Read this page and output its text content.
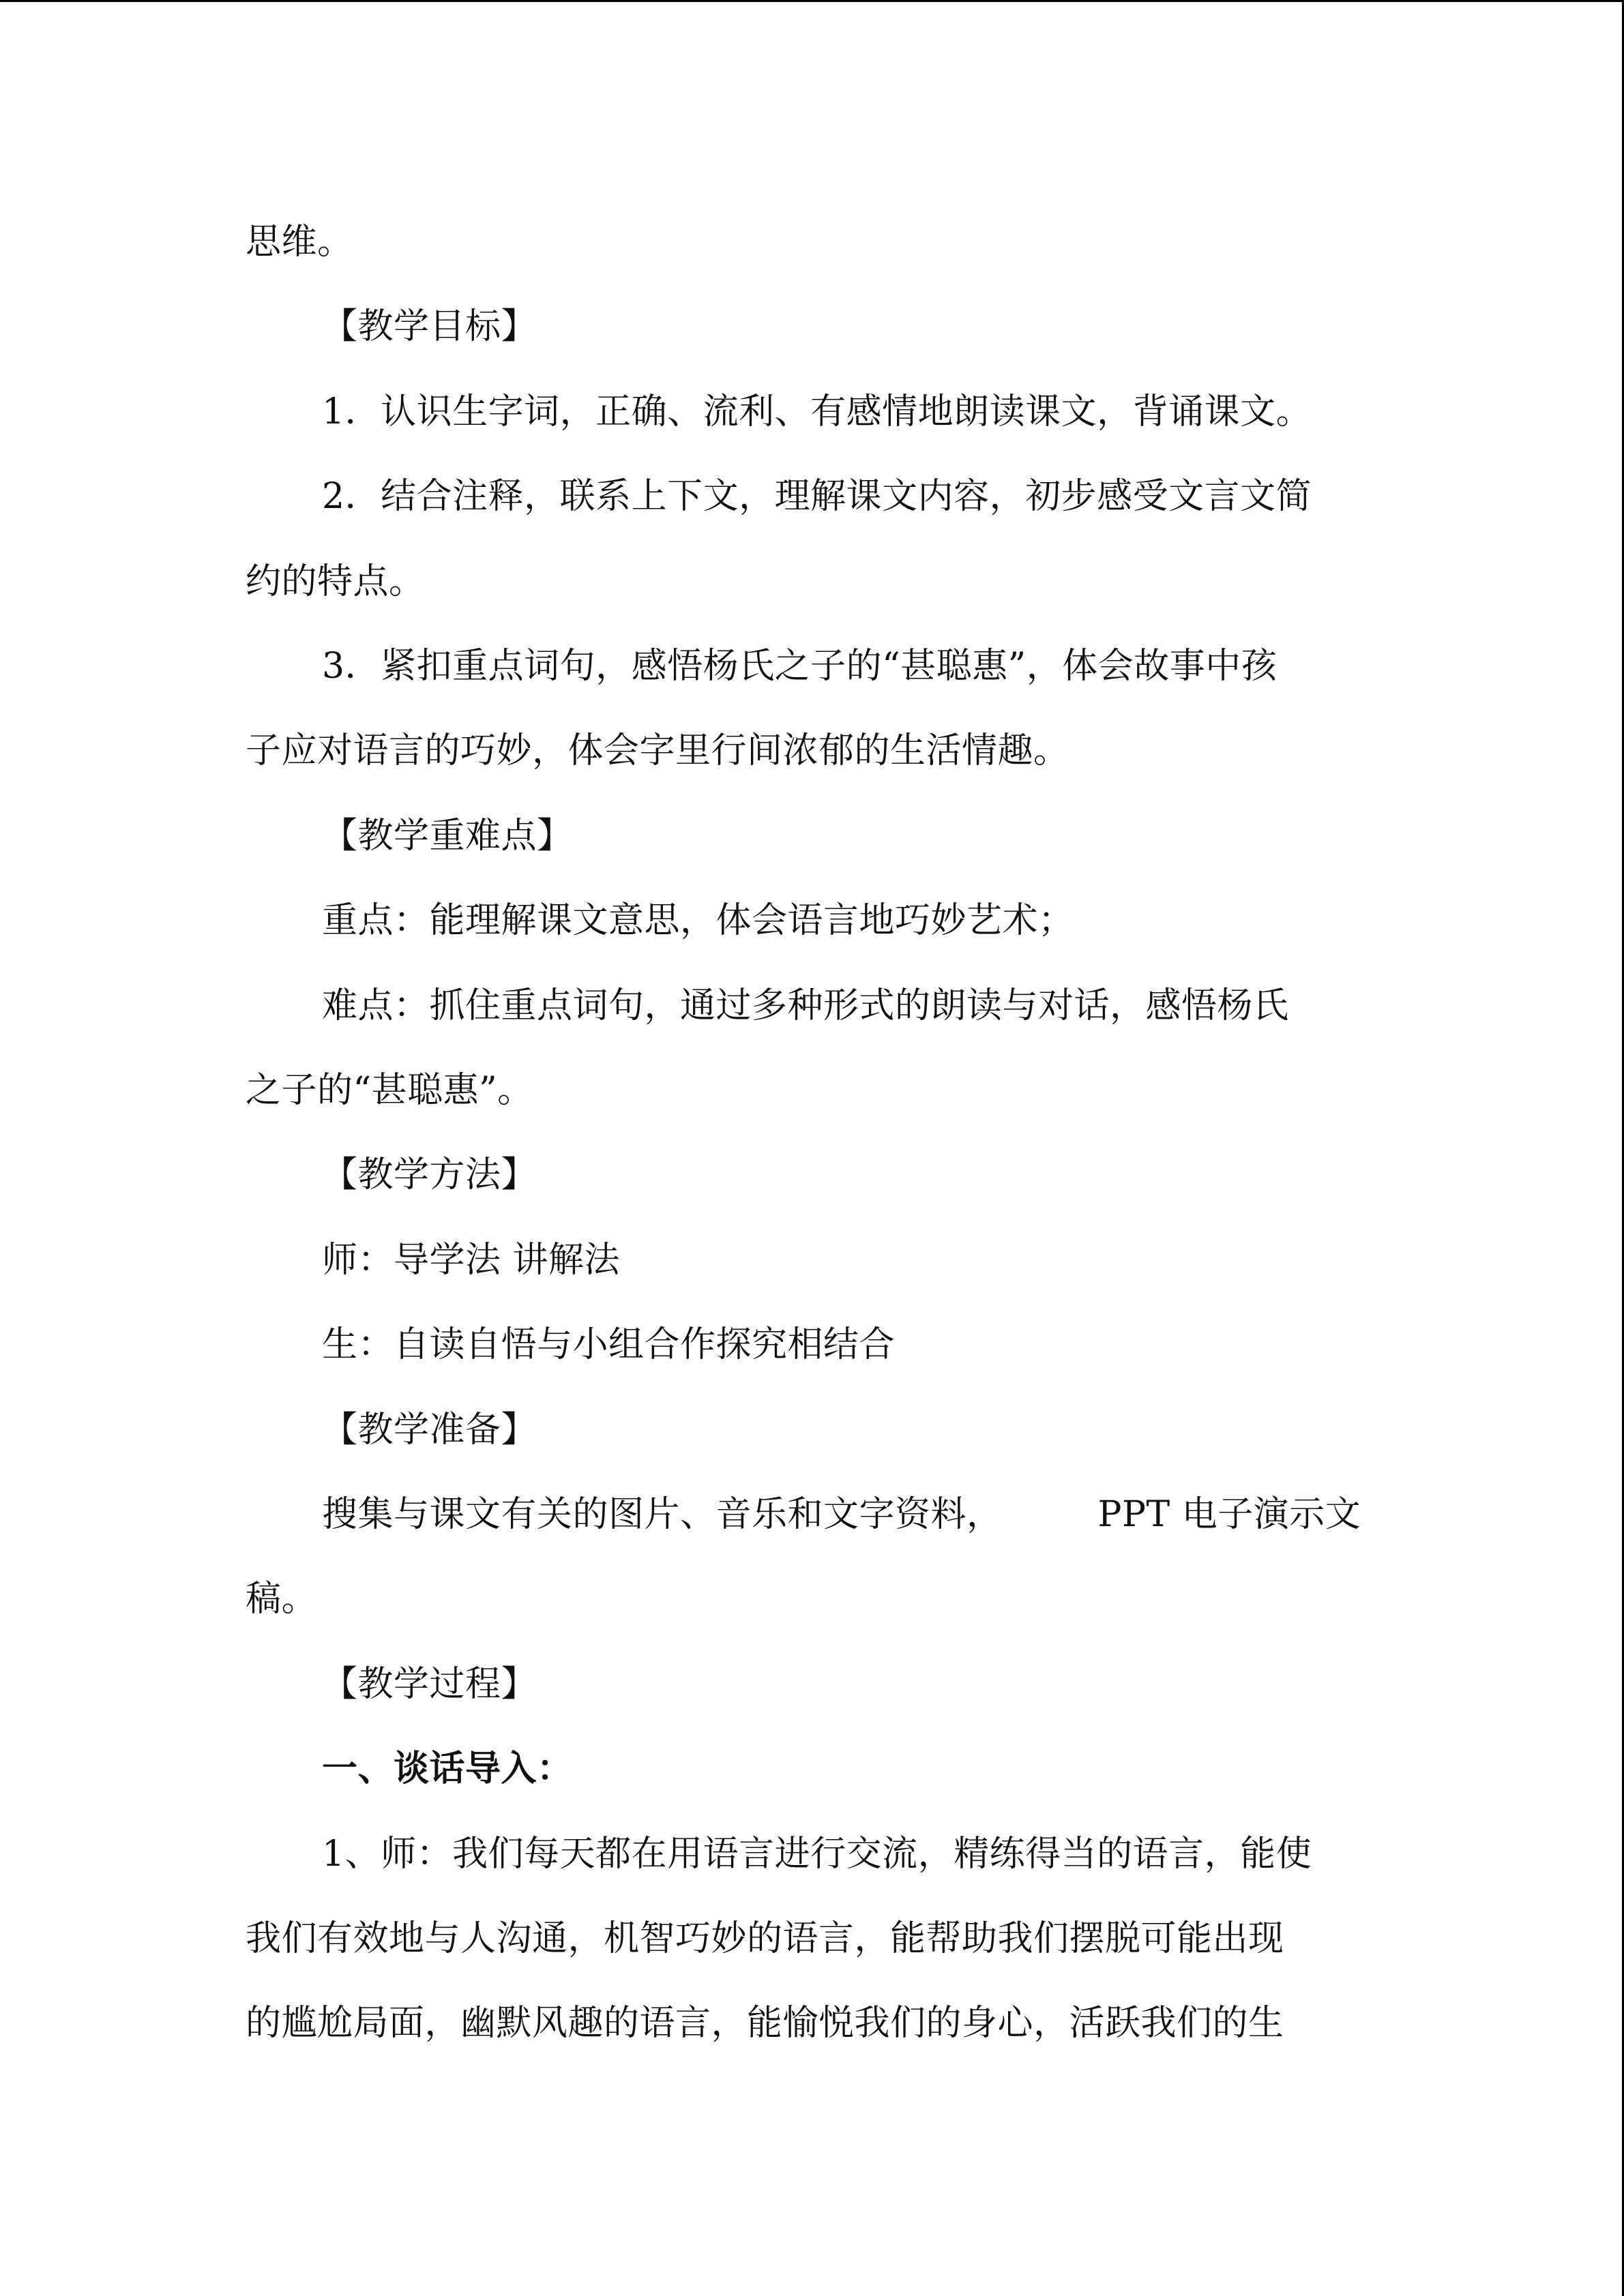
思维。
【教学目标】
1．认识生字词，正确、流利、有感情地朗读课文，背诵课文。
2．结合注释，联系上下文，理解课文内容，初步感受文言文简
约的特点。
3．紧扣重点词句，感悟杨氏之子的“甚聪惠”，体会故事中孩
子应对语言的巧妙，体会字里行间浓郁的生活情趣。
【教学重难点】
重点：能理解课文意思，体会语言地巧妙艺术；
难点：抓住重点词句，通过多种形式的朗读与对话，感悟杨氏
之子的“甚聪惠”。
【教学方法】
师：导学法 讲解法
生：自读自悟与小组合作探究相结合
【教学准备】
搜集与课文有关的图片、音乐和文字资料，	PPT 电子演示文
稿。
【教学过程】
一、谈话导入：
1、师：我们每天都在用语言进行交流，精练得当的语言，能使
我们有效地与人沟通，机智巧妙的语言，能帮助我们摆脱可能出现
的尴尬局面，幽默风趣的语言，能愉悦我们的身心，活跃我们的生
